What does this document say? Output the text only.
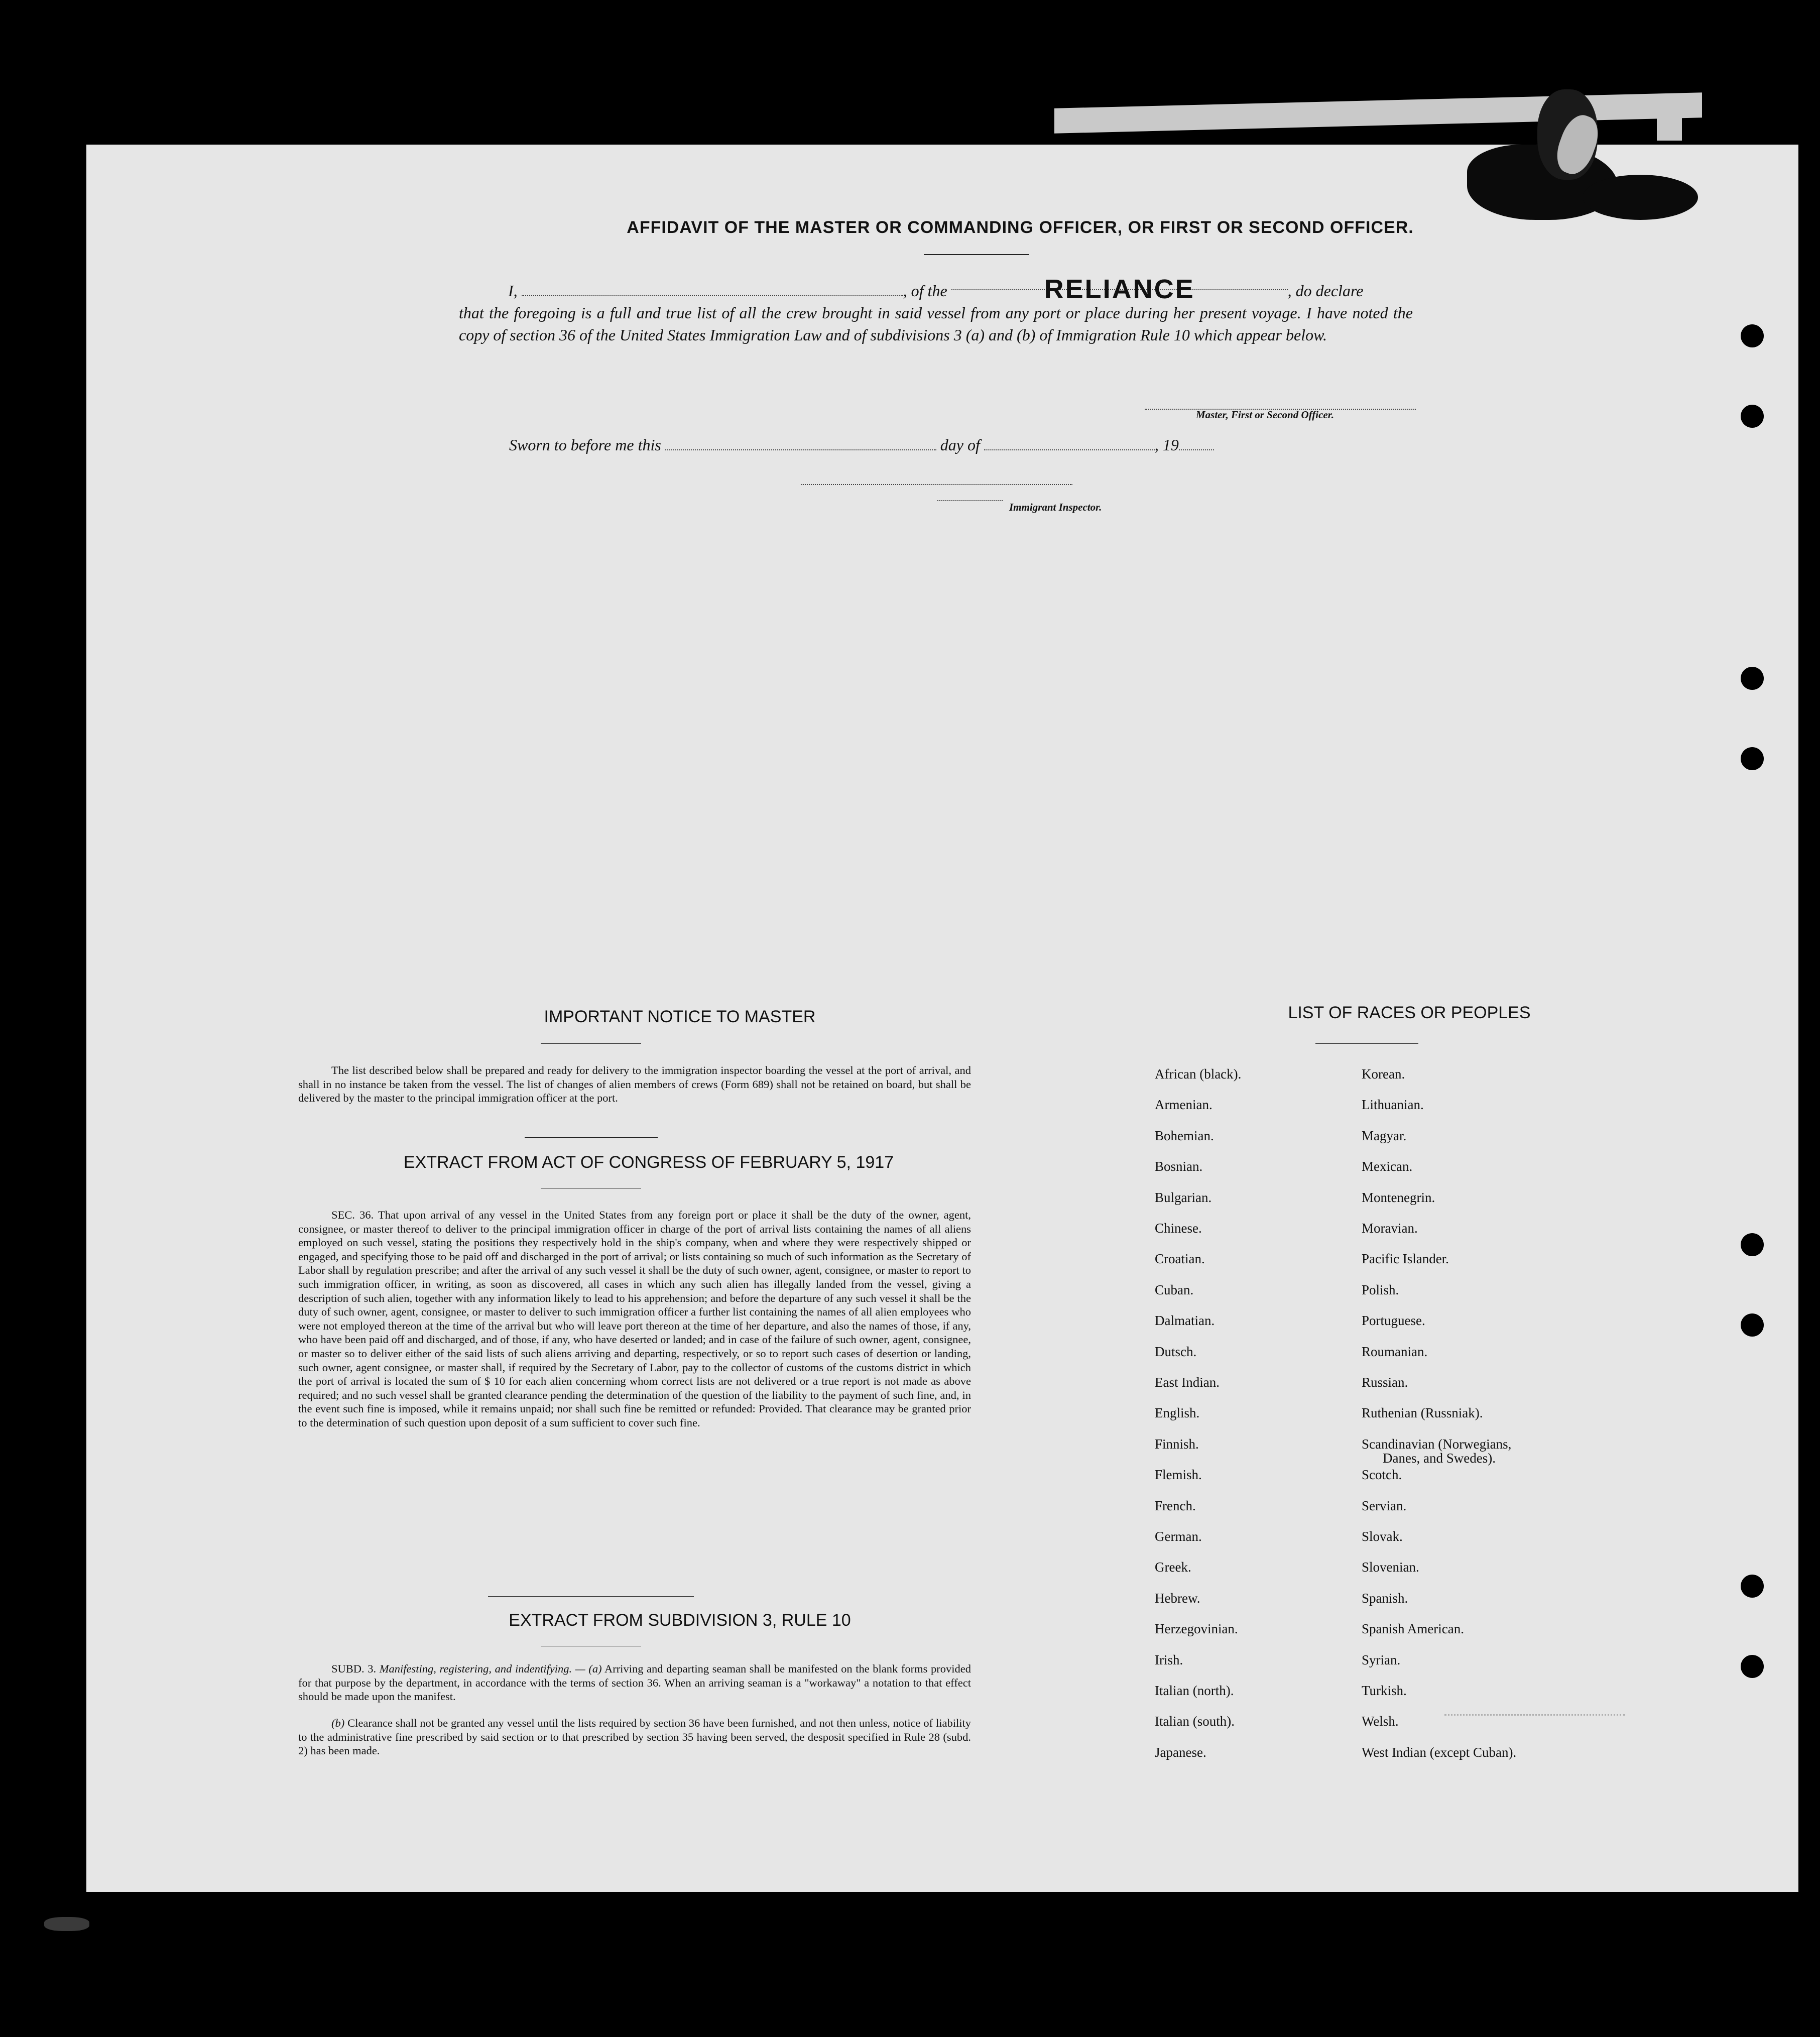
AFFIDAVIT OF THE MASTER OR COMMANDING OFFICER, OR FIRST OR SECOND OFFICER.
I,	, of the	RELIANCE	, do declare
that the foregoing is a full and true list of all the crew brought in said vessel from any port or place during her present voyage. I have noted the copy of section 36 of the United States Immigration Law and of subdivisions 3 (a) and (b) of Immigration Rule 10 which appear below.
Master, First or Second Officer.
Sworn to before me this	day of	, 19
Immigrant Inspector.
IMPORTANT NOTICE TO MASTER
The list described below shall be prepared and ready for delivery to the immigration inspector boarding the vessel at the port of arrival, and shall in no instance be taken from the vessel. The list of changes of alien members of crews (Form 689) shall not be retained on board, but shall be delivered by the master to the principal immigration officer at the port.
EXTRACT FROM ACT OF CONGRESS OF FEBRUARY 5, 1917
SEC. 36. That upon arrival of any vessel in the United States from any foreign port or place it shall be the duty of the owner, agent, consignee, or master thereof to deliver to the principal immigration officer in charge of the port of arrival lists containing the names of all aliens employed on such vessel, stating the positions they respectively hold in the ship's company, when and where they were respectively shipped or engaged, and specifying those to be paid off and discharged in the port of arrival; or lists containing so much of such information as the Secretary of Labor shall by regulation prescribe; and after the arrival of any such vessel it shall be the duty of such owner, agent, consignee, or master to report to such immigration officer, in writing, as soon as discovered, all cases in which any such alien has illegally landed from the vessel, giving a description of such alien, together with any information likely to lead to his apprehension; and before the departure of any such vessel it shall be the duty of such owner, agent, consignee, or master to deliver to such immigration officer a further list containing the names of all alien employees who were not employed thereon at the time of the arrival but who will leave port thereon at the time of her departure, and also the names of those, if any, who have been paid off and discharged, and of those, if any, who have deserted or landed; and in case of the failure of such owner, agent, consignee, or master so to deliver either of the said lists of such aliens arriving and departing, respectively, or so to report such cases of desertion or landing, such owner, agent consignee, or master shall, if required by the Secretary of Labor, pay to the collector of customs of the customs district in which the port of arrival is located the sum of $ 10 for each alien concerning whom correct lists are not delivered or a true report is not made as above required; and no such vessel shall be granted clearance pending the determination of the question of the liability to the payment of such fine, and, in the event such fine is imposed, while it remains unpaid; nor shall such fine be remitted or refunded: Provided. That clearance may be granted prior to the determination of such question upon deposit of a sum sufficient to cover such fine.
EXTRACT FROM SUBDIVISION 3, RULE 10
SUBD. 3. Manifesting, registering, and indentifying. — (a) Arriving and departing seaman shall be manifested on the blank forms provided for that purpose by the department, in accordance with the terms of section 36. When an arriving seaman is a "workaway" a notation to that effect should be made upon the manifest.
(b) Clearance shall not be granted any vessel until the lists required by section 36 have been furnished, and not then unless, notice of liability to the administrative fine prescribed by said section or to that prescribed by section 35 having been served, the desposit specified in Rule 28 (subd. 2) has been made.
LIST OF RACES OR PEOPLES
African (black).
Armenian.
Bohemian.
Bosnian.
Bulgarian.
Chinese.
Croatian.
Cuban.
Dalmatian.
Dutsch.
East Indian.
English.
Finnish.
Flemish.
French.
German.
Greek.
Hebrew.
Herzegovinian.
Irish.
Italian (north).
Italian (south).
Japanese.
Korean.
Lithuanian.
Magyar.
Mexican.
Montenegrin.
Moravian.
Pacific Islander.
Polish.
Portuguese.
Roumanian.
Russian.
Ruthenian (Russniak).
Scandinavian (Norwegians,
Danes, and Swedes).
Scotch.
Servian.
Slovak.
Slovenian.
Spanish.
Spanish American.
Syrian.
Turkish.
Welsh.
West Indian (except Cuban).
